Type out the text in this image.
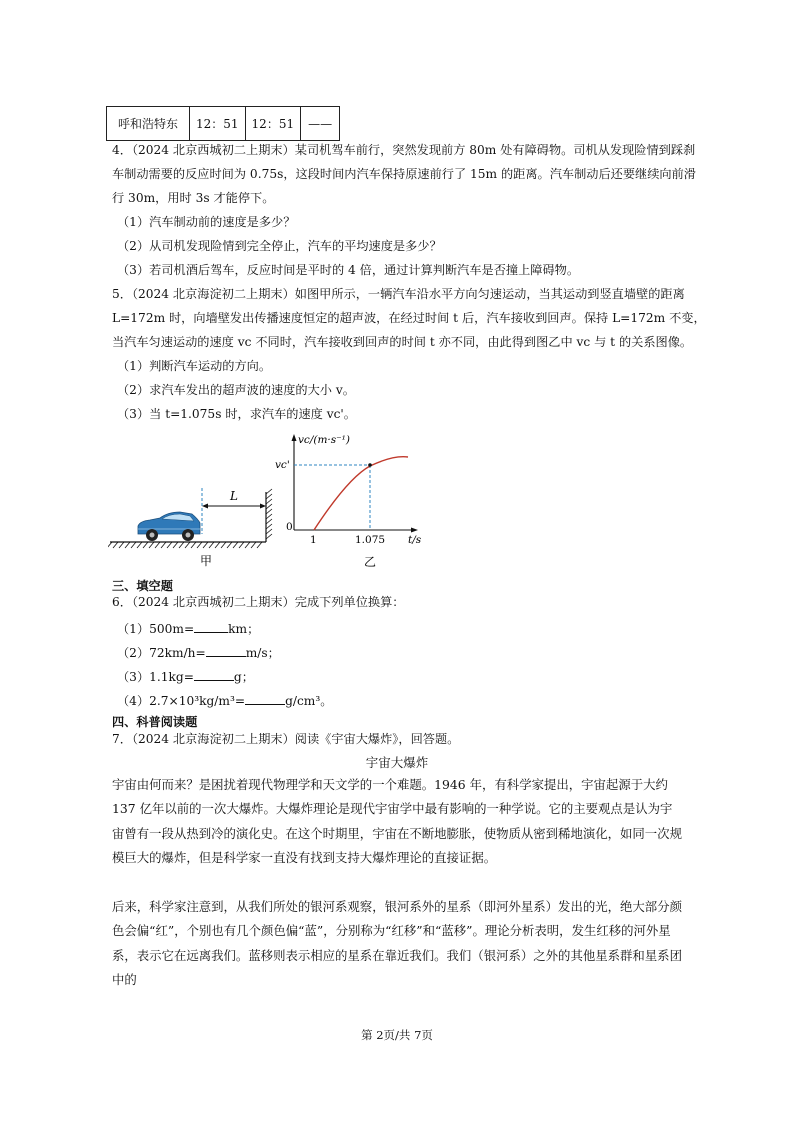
呼和浩特东	12：51	12：51	——
4．（2024 北京西城初二上期末）某司机驾车前行，突然发现前方 80m 处有障碍物。司机从发现险情到踩刹
车制动需要的反应时间为 0.75s，这段时间内汽车保持原速前行了 15m 的距离。汽车制动后还要继续向前滑
行 30m，用时 3s 才能停下。
（1）汽车制动前的速度是多少？
（2）从司机发现险情到完全停止，汽车的平均速度是多少？
（3）若司机酒后驾车，反应时间是平时的 4 倍，通过计算判断汽车是否撞上障碍物。
5．（2024 北京海淀初二上期末）如图甲所示，一辆汽车沿水平方向匀速运动，当其运动到竖直墙壁的距离
L=172m 时，向墙壁发出传播速度恒定的超声波，在经过时间 t 后，汽车接收到回声。保持 L=172m 不变，
当汽车匀速运动的速度 vc 不同时，汽车接收到回声的时间 t 亦不同，由此得到图乙中 vc 与 t 的关系图像。
（1）判断汽车运动的方向。
（2）求汽车发出的超声波的速度的大小 v。
（3）当 t=1.075s 时，求汽车的速度 vc'。
L
甲
vc/(m·s⁻¹)
vc'
0
1	1.075 t/s
乙
三、填空题
6．（2024 北京西城初二上期末）完成下列单位换算：
（1）500m=	km；
（2）72km/h=	m/s；
（3）1.1kg=	g；
（4）2.7×10³kg/m³=	g/cm³。
四、科普阅读题
7．（2024 北京海淀初二上期末）阅读《宇宙大爆炸》，回答题。
宇宙大爆炸
宇宙由何而来？是困扰着现代物理学和天文学的一个难题。1946 年，有科学家提出，宇宙起源于大约 137 亿年以前的一次大爆炸。大爆炸理论是现代宇宙学中最有影响的一种学说。它的主要观点是认为宇宙曾有一段从热到冷的演化史。在这个时期里，宇宙在不断地膨胀，使物质从密到稀地演化，如同一次规模巨大的爆炸，但是科学家一直没有找到支持大爆炸理论的直接证据。
后来，科学家注意到，从我们所处的银河系观察，银河系外的星系（即河外星系）发出的光，绝大部分颜色会偏“红”，个别也有几个颜色偏“蓝”，分别称为“红移”和“蓝移”。理论分析表明，发生红移的河外星系，表示它在远离我们。蓝移则表示相应的星系在靠近我们。我们（银河系）之外的其他星系群和星系团中的
第 2页/共 7页
